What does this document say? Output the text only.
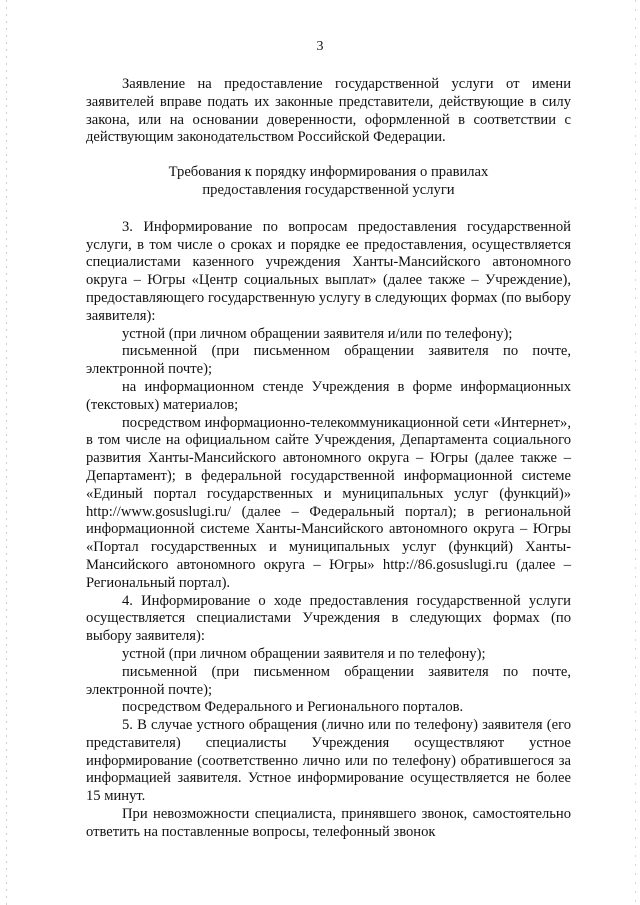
3

Заявление на предоставление государственной услуги от имени заявителей вправе подать их законные представители, действующие в силу закона, или на основании доверенности, оформленной в соответствии с действующим законодательством Российской Федерации.

Требования к порядку информирования о правилах
предоставления государственной услуги

3. Информирование по вопросам предоставления государственной услуги, в том числе о сроках и порядке ее предоставления, осуществляется специалистами казенного учреждения Ханты-Мансийского автономного округа – Югры «Центр социальных выплат» (далее также – Учреждение), предоставляющего государственную услугу в следующих формах (по выбору заявителя):

устной (при личном обращении заявителя и/или по телефону);

письменной (при письменном обращении заявителя по почте, электронной почте);

на информационном стенде Учреждения в форме информационных (текстовых) материалов;

посредством информационно-телекоммуникационной сети «Интернет», в том числе на официальном сайте Учреждения, Департамента социального развития Ханты-Мансийского автономного округа – Югры (далее также – Департамент); в федеральной государственной информационной системе «Единый портал государственных и муниципальных услуг (функций)» http://www.gosuslugi.ru/ (далее – Федеральный портал); в региональной информационной системе Ханты-Мансийского автономного округа – Югры «Портал государственных и муниципальных услуг (функций) Ханты-Мансийского автономного округа – Югры» http://86.gosuslugi.ru (далее – Региональный портал).

4. Информирование о ходе предоставления государственной услуги осуществляется специалистами Учреждения в следующих формах (по выбору заявителя):

устной (при личном обращении заявителя и по телефону);

письменной (при письменном обращении заявителя по почте, электронной почте);

посредством Федерального и Регионального порталов.

5. В случае устного обращения (лично или по телефону) заявителя (его представителя) специалисты Учреждения осуществляют устное информирование (соответственно лично или по телефону) обратившегося за информацией заявителя. Устное информирование осуществляется не более 15 минут.

При невозможности специалиста, принявшего звонок, самостоятельно ответить на поставленные вопросы, телефонный звонок
